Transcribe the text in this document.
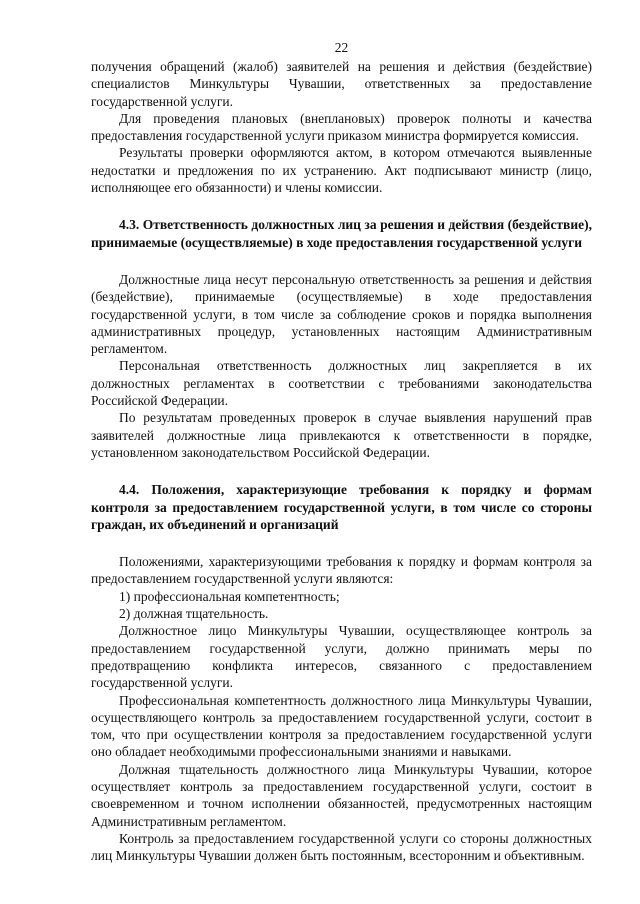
22

получения обращений (жалоб) заявителей на решения и действия (бездействие) специалистов Минкультуры Чувашии, ответственных за предоставление государственной услуги.

Для проведения плановых (внеплановых) проверок полноты и качества предоставления государственной услуги приказом министра формируется комиссия.

Результаты проверки оформляются актом, в котором отмечаются выявленные недостатки и предложения по их устранению. Акт подписывают министр (лицо, исполняющее его обязанности) и члены комиссии.

4.3. Ответственность должностных лиц за решения и действия (бездействие), принимаемые (осуществляемые) в ходе предоставления государственной услуги

Должностные лица несут персональную ответственность за решения и действия (бездействие), принимаемые (осуществляемые) в ходе предоставления государственной услуги, в том числе за соблюдение сроков и порядка выполнения административных процедур, установленных настоящим Административным регламентом.

Персональная ответственность должностных лиц закрепляется в их должностных регламентах в соответствии с требованиями законодательства Российской Федерации.

По результатам проведенных проверок в случае выявления нарушений прав заявителей должностные лица привлекаются к ответственности в порядке, установленном законодательством Российской Федерации.

4.4. Положения, характеризующие требования к порядку и формам контроля за предоставлением государственной услуги, в том числе со стороны граждан, их объединений и организаций

Положениями, характеризующими требования к порядку и формам контроля за предоставлением государственной услуги являются:

1) профессиональная компетентность;

2) должная тщательность.

Должностное лицо Минкультуры Чувашии, осуществляющее контроль за предоставлением государственной услуги, должно принимать меры по предотвращению конфликта интересов, связанного с предоставлением государственной услуги.

Профессиональная компетентность должностного лица Минкультуры Чувашии, осуществляющего контроль за предоставлением государственной услуги, состоит в том, что при осуществлении контроля за предоставлением государственной услуги оно обладает необходимыми профессиональными знаниями и навыками.

Должная тщательность должностного лица Минкультуры Чувашии, которое осуществляет контроль за предоставлением государственной услуги, состоит в своевременном и точном исполнении обязанностей, предусмотренных настоящим Административным регламентом.

Контроль за предоставлением государственной услуги со стороны должностных лиц Минкультуры Чувашии должен быть постоянным, всесторонним и объективным.
